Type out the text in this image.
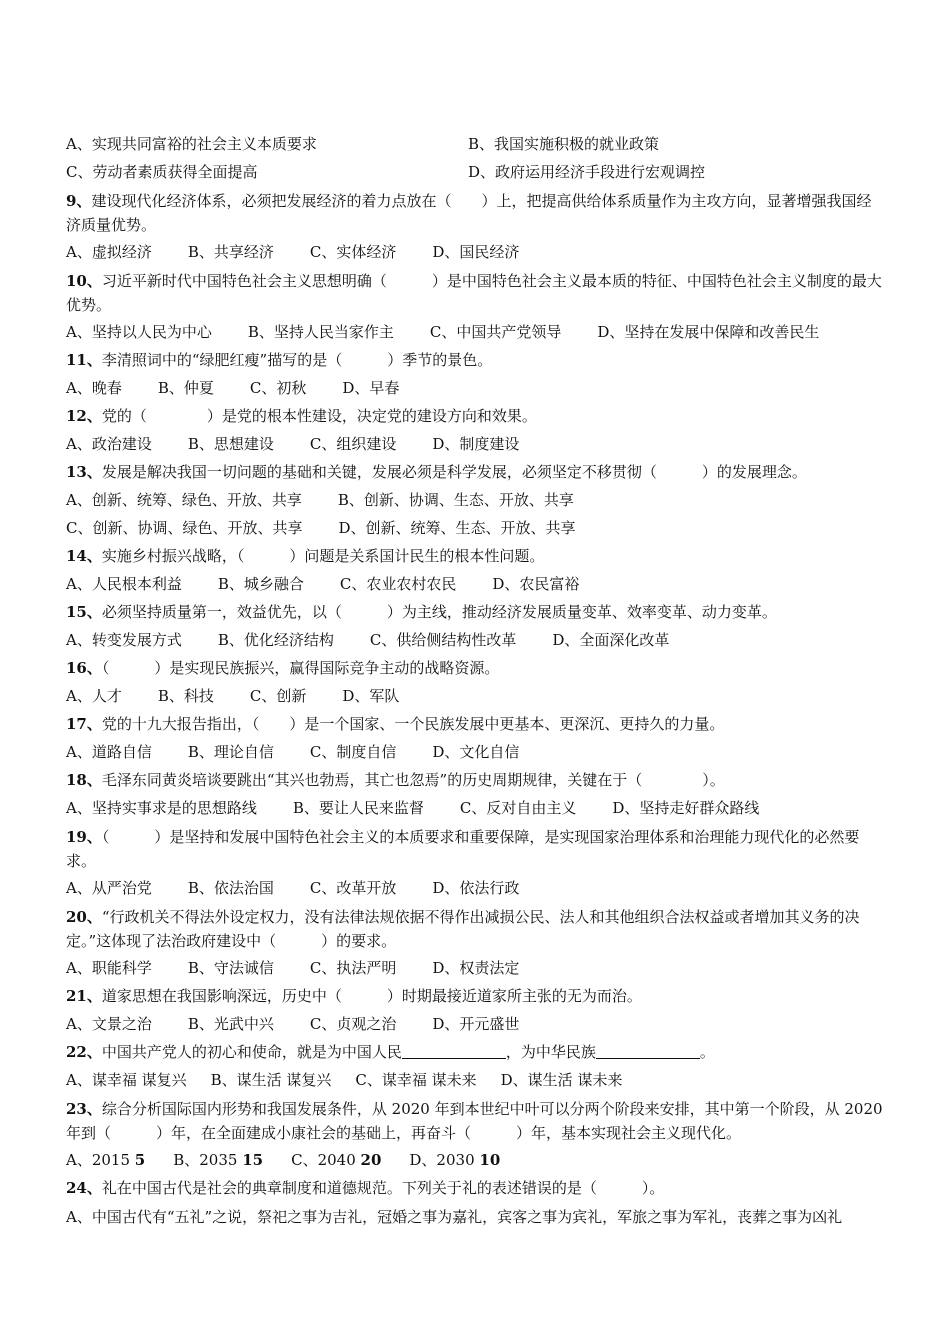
A、实现共同富裕的社会主义本质要求	B、我国实施积极的就业政策
C、劳动者素质获得全面提高	D、政府运用经济手段进行宏观调控
9、建设现代化经济体系，必须把发展经济的着力点放在（　　）上，把提高供给体系质量作为主攻方向，显著增强我国经济质量优势。
A、虚拟经济 B、共享经济 C、实体经济 D、国民经济
10、习近平新时代中国特色社会主义思想明确（　　　）是中国特色社会主义最本质的特征、中国特色社会主义制度的最大优势。
A、坚持以人民为中心 B、坚持人民当家作主 C、中国共产党领导 D、坚持在发展中保障和改善民生
11、李清照词中的“绿肥红瘦”描写的是（　　　）季节的景色。
A、晚春 B、仲夏 C、初秋 D、早春
12、党的（　　　　）是党的根本性建设，决定党的建设方向和效果。
A、政治建设 B、思想建设 C、组织建设 D、制度建设
13、发展是解决我国一切问题的基础和关键，发展必须是科学发展，必须坚定不移贯彻（　　　）的发展理念。
A、创新、统筹、绿色、开放、共享 B、创新、协调、生态、开放、共享
C、创新、协调、绿色、开放、共享 D、创新、统筹、生态、开放、共享
14、实施乡村振兴战略，（　　　）问题是关系国计民生的根本性问题。
A、人民根本利益 B、城乡融合 C、农业农村农民 D、农民富裕
15、必须坚持质量第一，效益优先，以（　　　）为主线，推动经济发展质量变革、效率变革、动力变革。
A、转变发展方式 B、优化经济结构 C、供给侧结构性改革 D、全面深化改革
16、（　　　）是实现民族振兴，赢得国际竞争主动的战略资源。
A、人才 B、科技 C、创新 D、军队
17、党的十九大报告指出，（　　）是一个国家、一个民族发展中更基本、更深沉、更持久的力量。
A、道路自信 B、理论自信 C、制度自信 D、文化自信
18、毛泽东同黄炎培谈要跳出“其兴也勃焉，其亡也忽焉”的历史周期规律，关键在于（　　　　）。
A、坚持实事求是的思想路线 B、要让人民来监督 C、反对自由主义 D、坚持走好群众路线
19、（　　　）是坚持和发展中国特色社会主义的本质要求和重要保障，是实现国家治理体系和治理能力现代化的必然要求。
A、从严治党 B、依法治国 C、改革开放 D、依法行政
20、“行政机关不得法外设定权力，没有法律法规依据不得作出减损公民、法人和其他组织合法权益或者增加其义务的决定。”这体现了法治政府建设中（　　　）的要求。
A、职能科学 B、守法诚信 C、执法严明 D、权责法定
21、道家思想在我国影响深远，历史中（　　　）时期最接近道家所主张的无为而治。
A、文景之治 B、光武中兴 C、贞观之治 D、开元盛世
22、中国共产党人的初心和使命，就是为中国人民	，为中华民族	。
A、谋幸福 谋复兴 B、谋生活 谋复兴 C、谋幸福 谋未来 D、谋生活 谋未来
23、综合分析国际国内形势和我国发展条件，从 2020 年到本世纪中叶可以分两个阶段来安排，其中第一个阶段，从 2020 年到（　　　）年，在全面建成小康社会的基础上，再奋斗（　　　）年，基本实现社会主义现代化。
A、2015 5 B、2035 15 C、2040 20 D、2030 10
24、礼在中国古代是社会的典章制度和道德规范。下列关于礼的表述错误的是（　　　）。
A、中国古代有“五礼”之说，祭祀之事为吉礼，冠婚之事为嘉礼，宾客之事为宾礼，军旅之事为军礼，丧葬之事为凶礼
